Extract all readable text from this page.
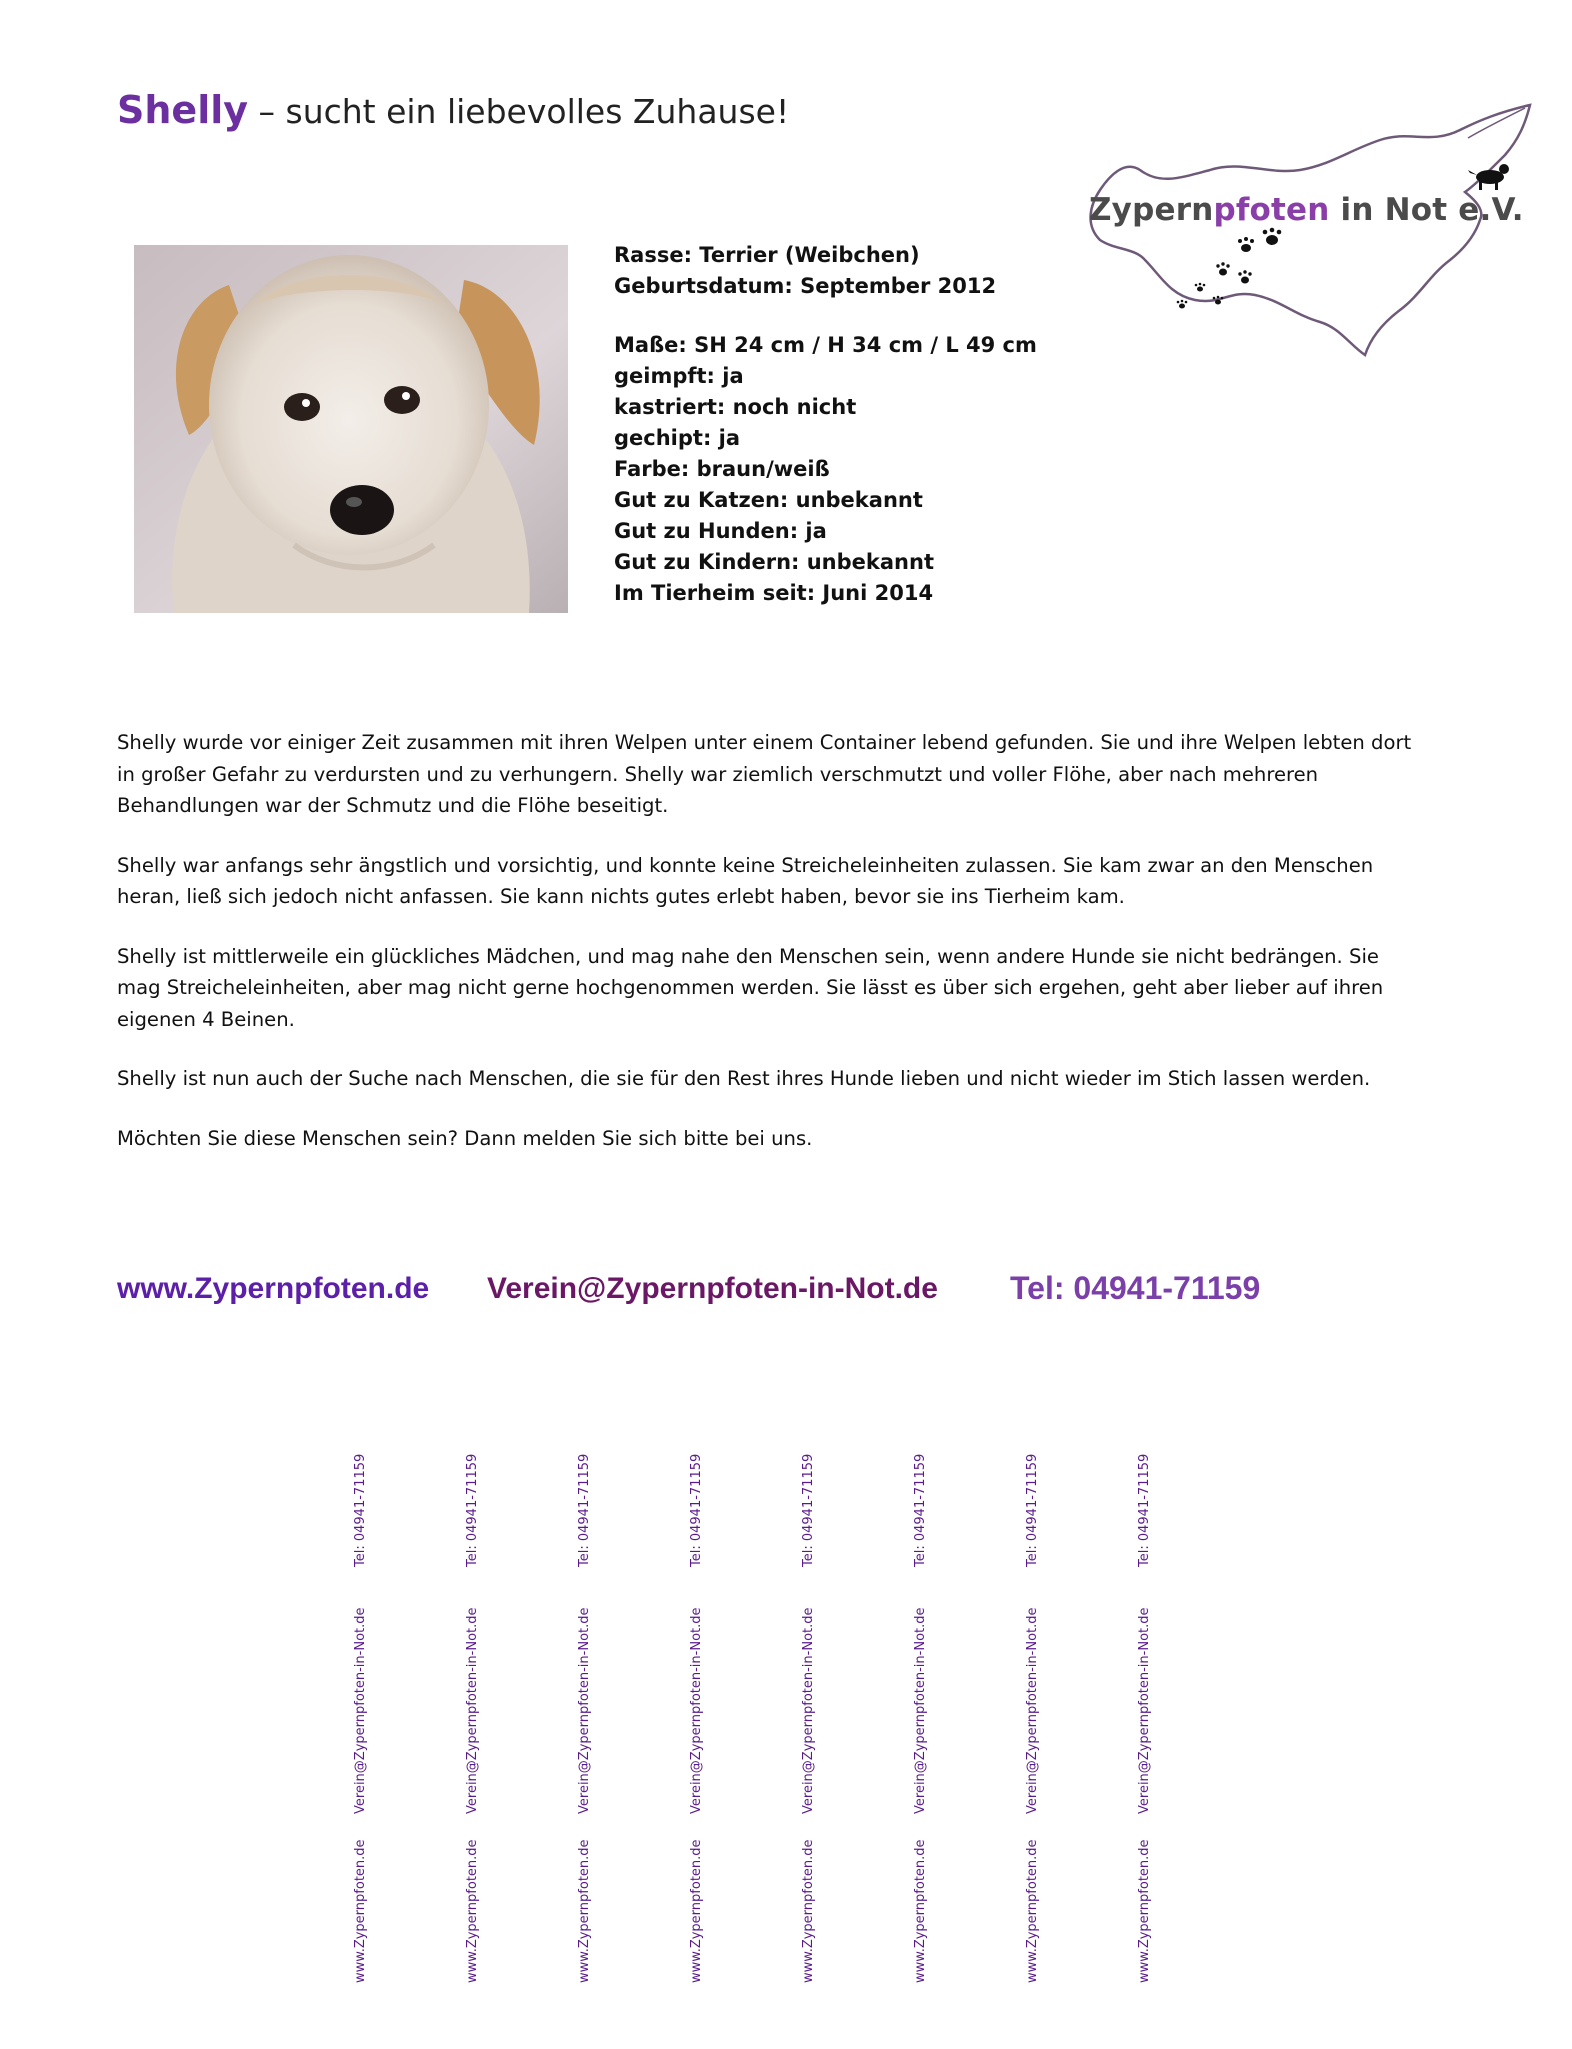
Shelly – sucht ein liebevolles Zuhause!
Rasse: Terrier (Weibchen)
Geburtsdatum: September 2012
Maße: SH 24 cm / H 34 cm / L 49 cm
geimpft: ja
kastriert: noch nicht
gechipt: ja
Farbe: braun/weiß
Gut zu Katzen: unbekannt
Gut zu Hunden: ja
Gut zu Kindern: unbekannt
Im Tierheim seit: Juni 2014
Zypernpfoten in Not e.V.

Shelly wurde vor einiger Zeit zusammen mit ihren Welpen unter einem Container lebend gefunden. Sie und ihre Welpen lebten dort in großer Gefahr zu verdursten und zu verhungern. Shelly war ziemlich verschmutzt und voller Flöhe, aber nach mehreren Behandlungen war der Schmutz und die Flöhe beseitigt.

Shelly war anfangs sehr ängstlich und vorsichtig, und konnte keine Streicheleinheiten zulassen. Sie kam zwar an den Menschen heran, ließ sich jedoch nicht anfassen. Sie kann nichts gutes erlebt haben, bevor sie ins Tierheim kam.

Shelly ist mittlerweile ein glückliches Mädchen, und mag nahe den Menschen sein, wenn andere Hunde sie nicht bedrängen. Sie mag Streicheleinheiten, aber mag nicht gerne hochgenommen werden. Sie lässt es über sich ergehen, geht aber lieber auf ihren eigenen 4 Beinen.

Shelly ist nun auch der Suche nach Menschen, die sie für den Rest ihres Hunde lieben und nicht wieder im Stich lassen werden.

Möchten Sie diese Menschen sein? Dann melden Sie sich bitte bei uns.

www.Zypernpfoten.de Verein@Zypernpfoten-in-Not.de Tel: 04941-71159
www.Zypernpfoten.de
Verein@Zypernpfoten-in-Not.de
Tel: 04941-71159
www.Zypernpfoten.de
Verein@Zypernpfoten-in-Not.de
Tel: 04941-71159
www.Zypernpfoten.de
Verein@Zypernpfoten-in-Not.de
Tel: 04941-71159
www.Zypernpfoten.de
Verein@Zypernpfoten-in-Not.de
Tel: 04941-71159
www.Zypernpfoten.de
Verein@Zypernpfoten-in-Not.de
Tel: 04941-71159
www.Zypernpfoten.de
Verein@Zypernpfoten-in-Not.de
Tel: 04941-71159
www.Zypernpfoten.de
Verein@Zypernpfoten-in-Not.de
Tel: 04941-71159
www.Zypernpfoten.de
Verein@Zypernpfoten-in-Not.de
Tel: 04941-71159
